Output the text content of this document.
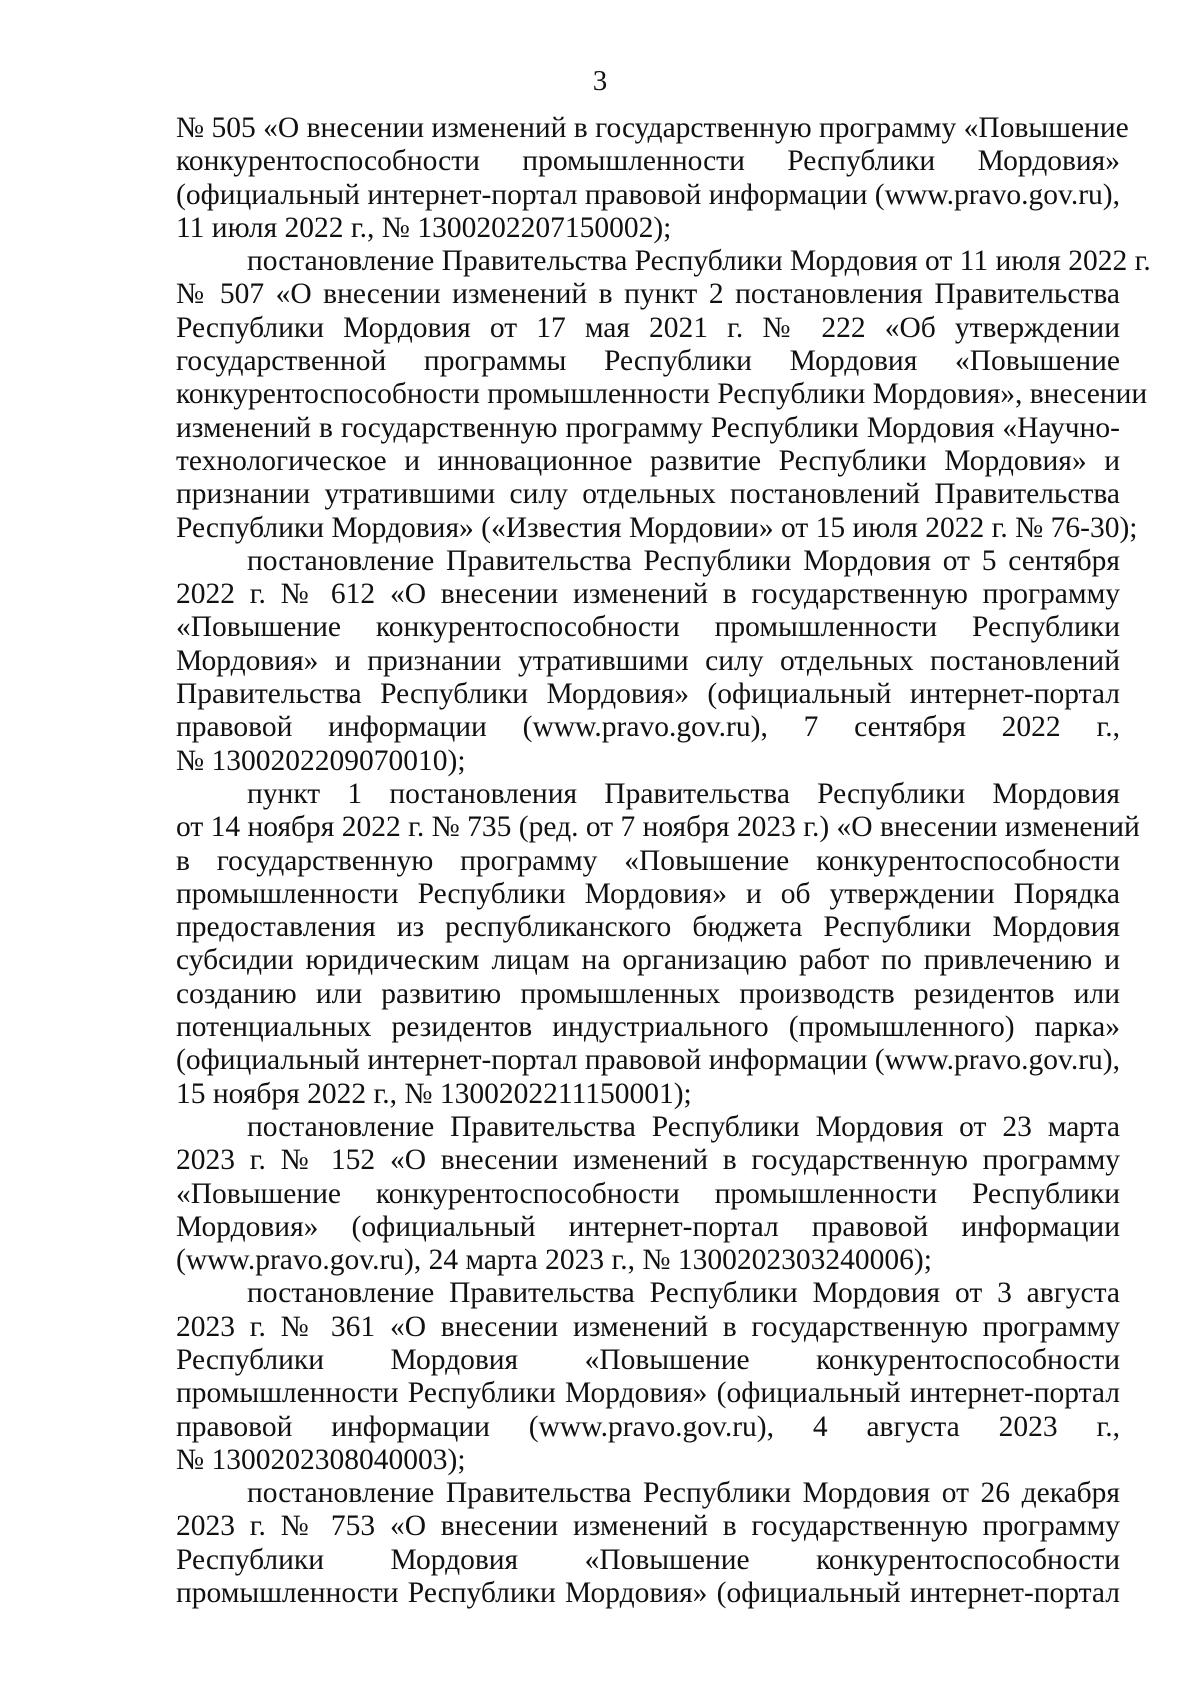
3
№ 505 «О внесении изменений в государственную программу «Повышение
конкурентоспособности промышленности Республики Мордовия»
(официальный интернет-портал правовой информации (www.pravo.gov.ru),
11 июля 2022 г., № 1300202207150002);
постановление Правительства Республики Мордовия от 11 июля 2022 г.
№ 507 «О внесении изменений в пункт 2 постановления Правительства
Республики Мордовия от 17 мая 2021 г. № 222 «Об утверждении
государственной программы Республики Мордовия «Повышение
конкурентоспособности промышленности Республики Мордовия», внесении
изменений в государственную программу Республики Мордовия «Научно-
технологическое и инновационное развитие Республики Мордовия» и
признании утратившими силу отдельных постановлений Правительства
Республики Мордовия» («Известия Мордовии» от 15 июля 2022 г. № 76-30);
постановление Правительства Республики Мордовия от 5 сентября
2022 г. № 612 «О внесении изменений в государственную программу
«Повышение конкурентоспособности промышленности Республики
Мордовия» и признании утратившими силу отдельных постановлений
Правительства Республики Мордовия» (официальный интернет-портал
правовой информации (www.pravo.gov.ru), 7 сентября 2022 г.,
№ 1300202209070010);
пункт 1 постановления Правительства Республики Мордовия
от 14 ноября 2022 г. № 735 (ред. от 7 ноября 2023 г.) «О внесении изменений
в государственную программу «Повышение конкурентоспособности
промышленности Республики Мордовия» и об утверждении Порядка
предоставления из республиканского бюджета Республики Мордовия
субсидии юридическим лицам на организацию работ по привлечению и
созданию или развитию промышленных производств резидентов или
потенциальных резидентов индустриального (промышленного) парка»
(официальный интернет-портал правовой информации (www.pravo.gov.ru),
15 ноября 2022 г., № 1300202211150001);
постановление Правительства Республики Мордовия от 23 марта
2023 г. № 152 «О внесении изменений в государственную программу
«Повышение конкурентоспособности промышленности Республики
Мордовия» (официальный интернет-портал правовой информации
(www.pravo.gov.ru), 24 марта 2023 г., № 1300202303240006);
постановление Правительства Республики Мордовия от 3 августа
2023 г. № 361 «О внесении изменений в государственную программу
Республики Мордовия «Повышение конкурентоспособности
промышленности Республики Мордовия» (официальный интернет-портал
правовой информации (www.pravo.gov.ru), 4 августа 2023 г.,
№ 1300202308040003);
постановление Правительства Республики Мордовия от 26 декабря
2023 г. № 753 «О внесении изменений в государственную программу
Республики Мордовия «Повышение конкурентоспособности
промышленности Республики Мордовия» (официальный интернет-портал
